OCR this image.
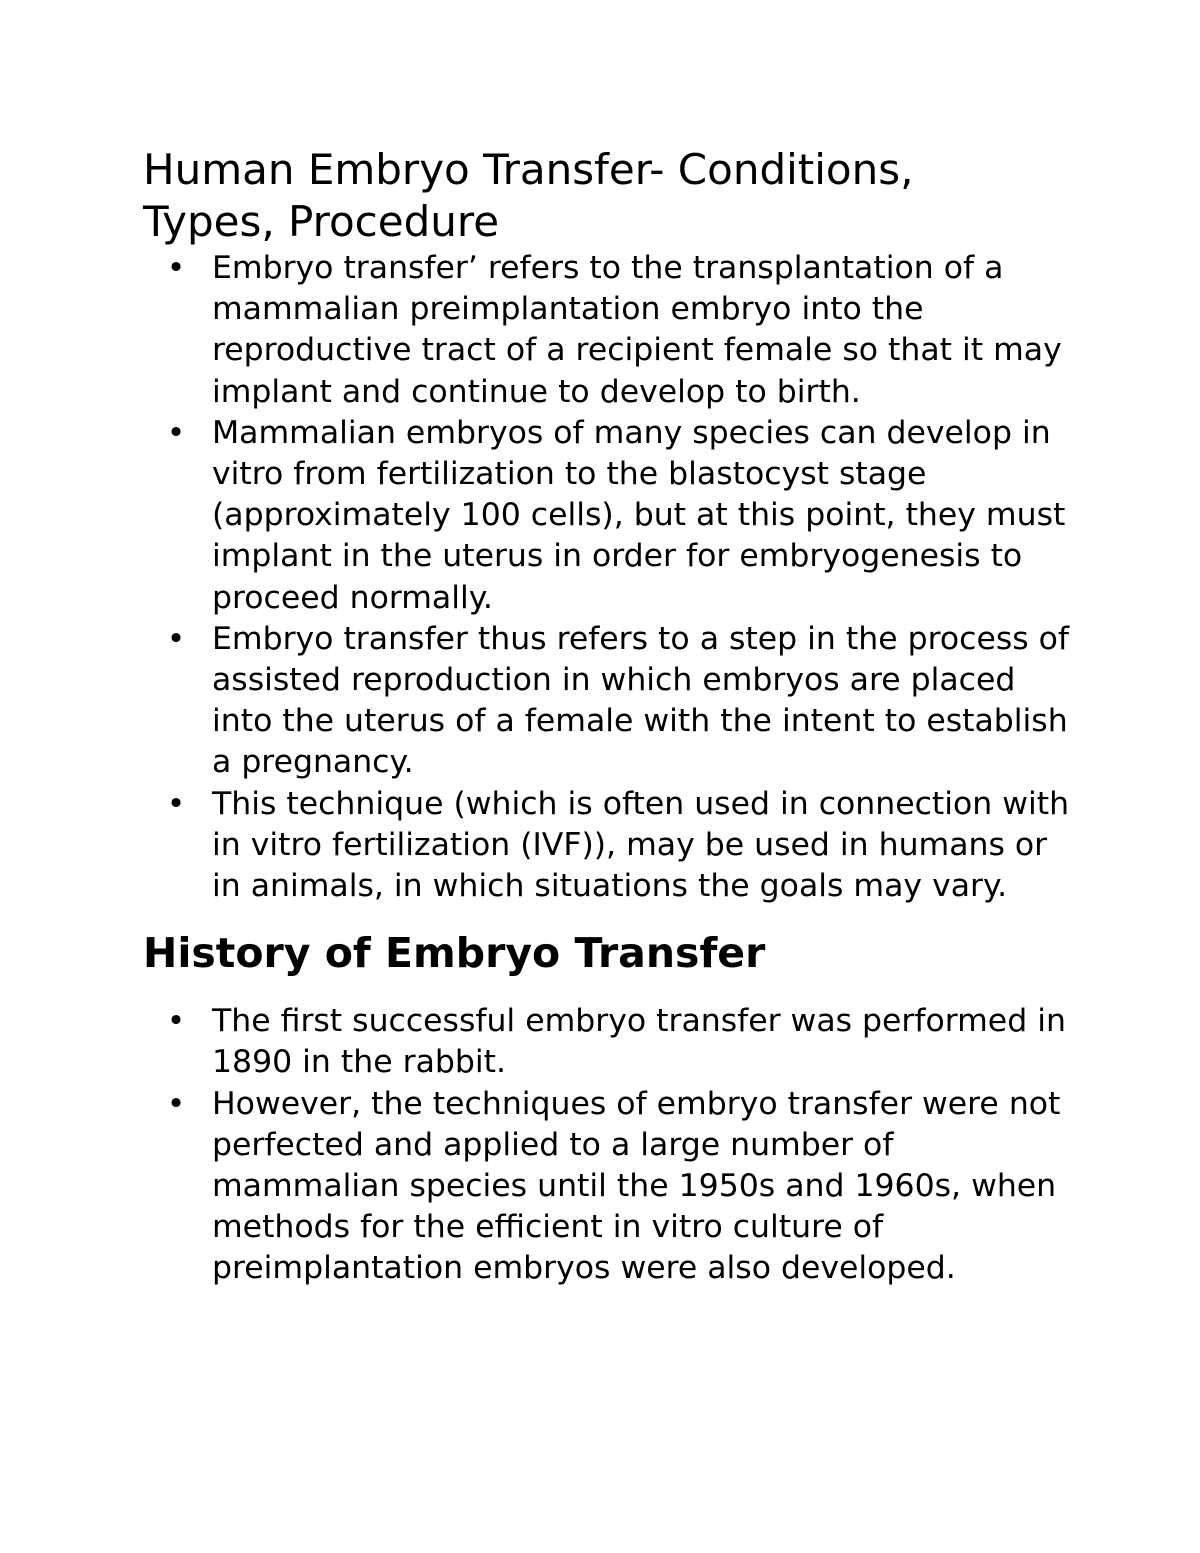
Human Embryo Transfer- Conditions, Types, Procedure
• Embryo transfer’ refers to the transplantation of a mammalian preimplantation embryo into the reproductive tract of a recipient female so that it may implant and continue to develop to birth.
• Mammalian embryos of many species can develop in vitro from fertilization to the blastocyst stage (approximately 100 cells), but at this point, they must implant in the uterus in order for embryogenesis to proceed normally.
• Embryo transfer thus refers to a step in the process of assisted reproduction in which embryos are placed into the uterus of a female with the intent to establish a pregnancy.
• This technique (which is often used in connection with in vitro fertilization (IVF)), may be used in humans or in animals, in which situations the goals may vary.
History of Embryo Transfer
• The first successful embryo transfer was performed in 1890 in the rabbit.
• However, the techniques of embryo transfer were not perfected and applied to a large number of mammalian species until the 1950s and 1960s, when methods for the efficient in vitro culture of preimplantation embryos were also developed.
